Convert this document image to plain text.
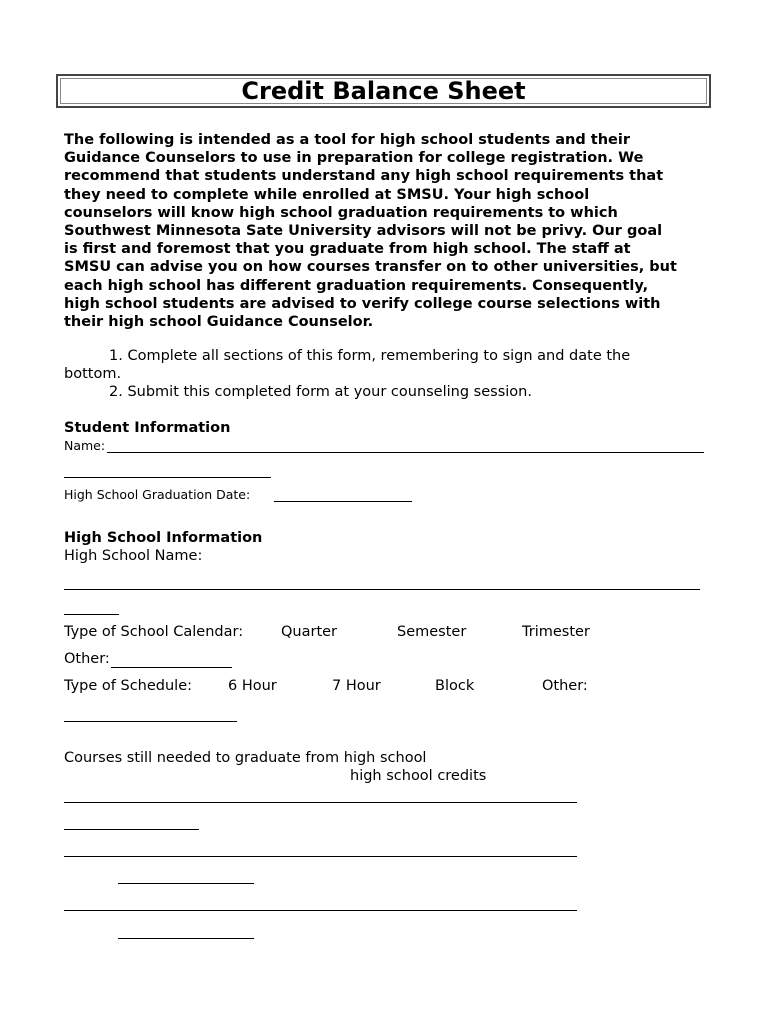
Credit Balance Sheet
The following is intended as a tool for high school students and their
Guidance Counselors to use in preparation for college registration. We
recommend that students understand any high school requirements that
they need to complete while enrolled at SMSU. Your high school
counselors will know high school graduation requirements to which
Southwest Minnesota Sate University advisors will not be privy. Our goal
is first and foremost that you graduate from high school. The staff at
SMSU can advise you on how courses transfer on to other universities, but
each high school has different graduation requirements. Consequently,
high school students are advised to verify college course selections with
their high school Guidance Counselor.
1. Complete all sections of this form, remembering to sign and date the
bottom.
2. Submit this completed form at your counseling session.
Student Information
Name:
High School Graduation Date:
High School Information
High School Name:
Type of School Calendar:	Quarter	Semester	Trimester
Other:
Type of Schedule: 6 Hour	7 Hour	Block	Other:
Courses still needed to graduate from high school
high school credits
